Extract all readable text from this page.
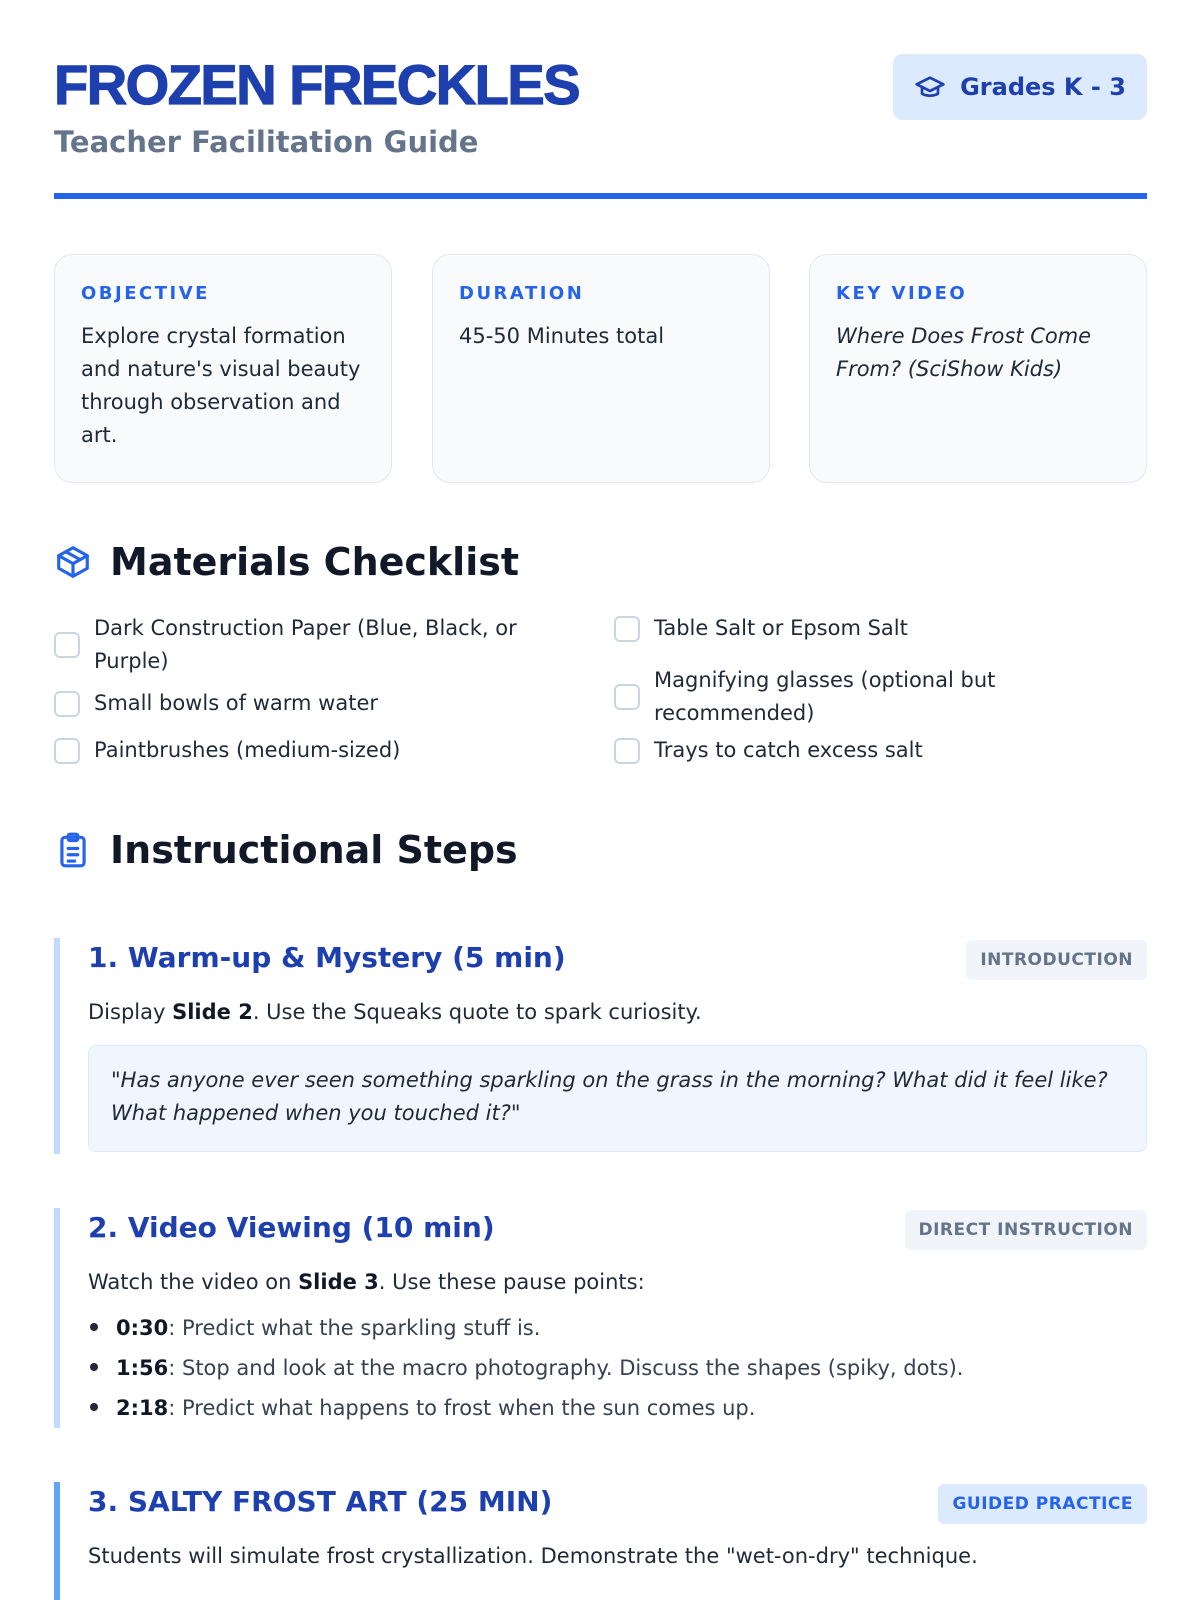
FROZEN FRECKLES
Teacher Facilitation Guide
Grades K - 3
OBJECTIVE
Explore crystal formation and nature's visual beauty through observation and art.
DURATION
45-50 Minutes total
KEY VIDEO
Where Does Frost Come From? (SciShow Kids)
Materials Checklist
Dark Construction Paper (Blue, Black, or Purple)
Small bowls of warm water
Paintbrushes (medium-sized)
Table Salt or Epsom Salt
Magnifying glasses (optional but recommended)
Trays to catch excess salt
Instructional Steps
1. Warm-up & Mystery (5 min)	INTRODUCTION
Display Slide 2. Use the Squeaks quote to spark curiosity.
"Has anyone ever seen something sparkling on the grass in the morning? What did it feel like? What happened when you touched it?"
2. Video Viewing (10 min)	DIRECT INSTRUCTION
Watch the video on Slide 3. Use these pause points:
0:30: Predict what the sparkling stuff is.
1:56: Stop and look at the macro photography. Discuss the shapes (spiky, dots).
2:18: Predict what happens to frost when the sun comes up.
3. SALTY FROST ART (25 MIN)	GUIDED PRACTICE
Students will simulate frost crystallization. Demonstrate the "wet-on-dry" technique.
